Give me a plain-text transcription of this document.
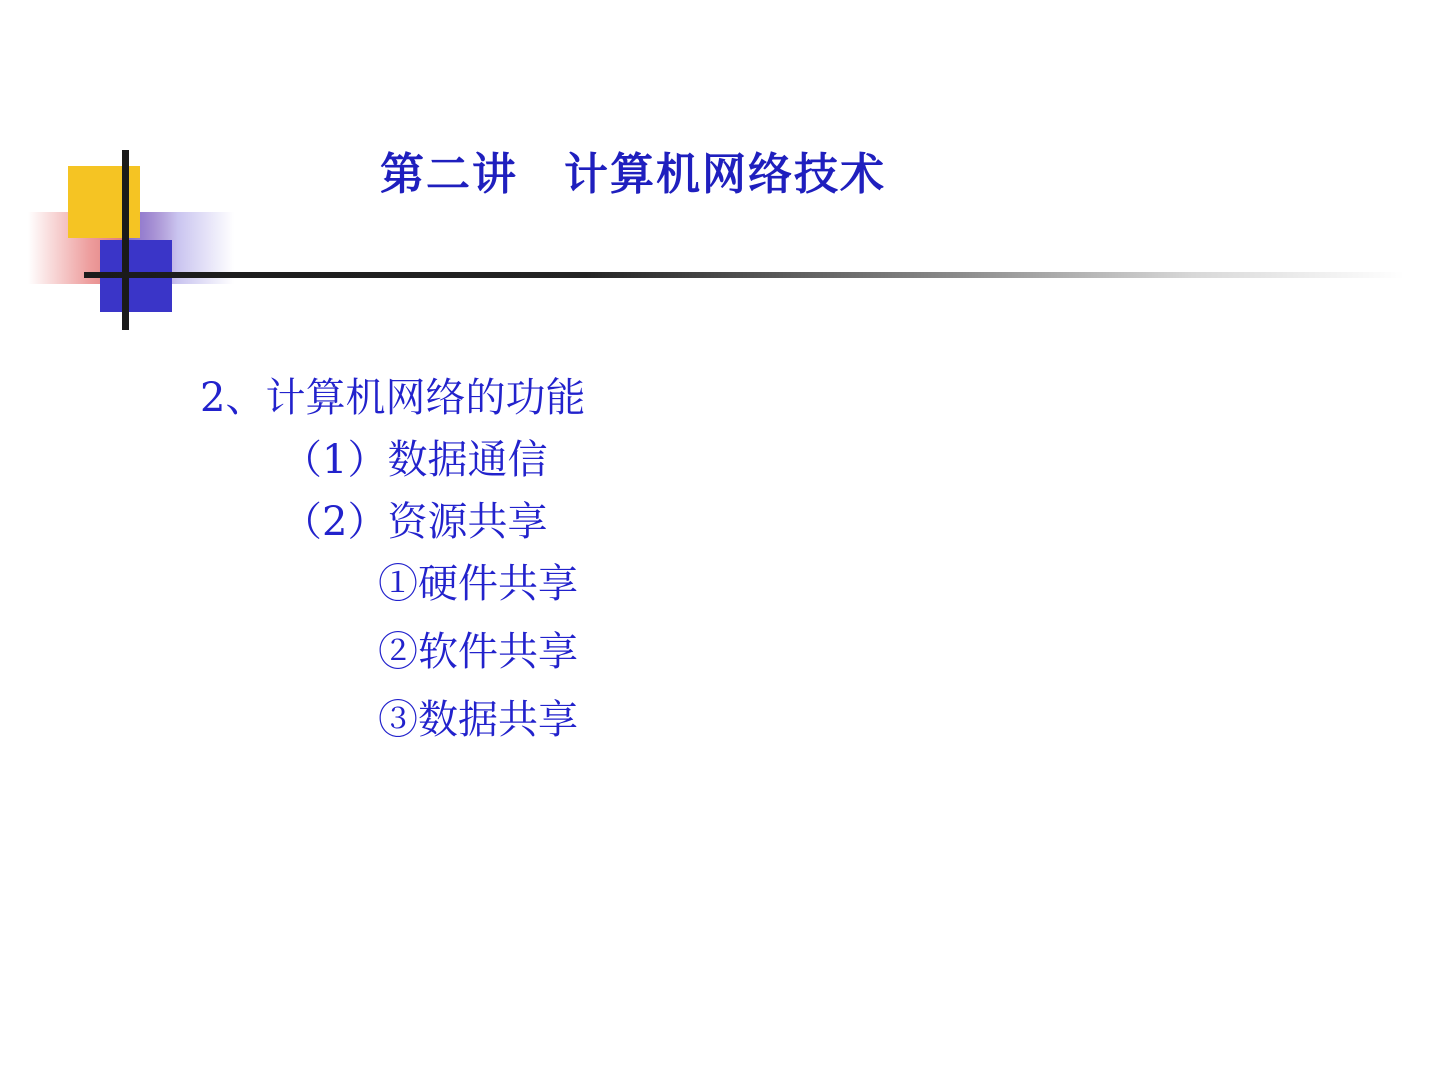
第二讲　计算机网络技术
2、计算机网络的功能
（1）数据通信
（2）资源共享
①硬件共享
②软件共享
③数据共享
